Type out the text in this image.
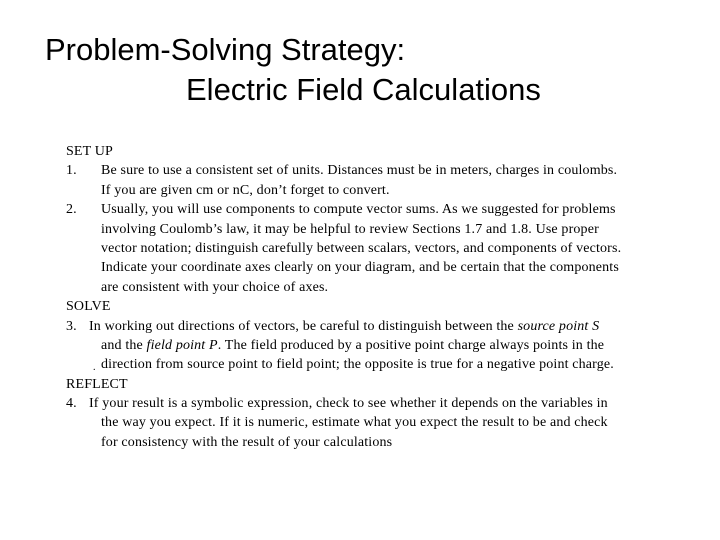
Problem-Solving Strategy:
Electric Field Calculations
SET UP
1. Be sure to use a consistent set of units. Distances must be in meters, charges in coulombs.
If you are given cm or nC, don’t forget to convert.
2. Usually, you will use components to compute vector sums. As we suggested for problems
involving Coulomb’s law, it may be helpful to review Sections 1.7 and 1.8. Use proper
vector notation; distinguish carefully between scalars, vectors, and components of vectors.
Indicate your coordinate axes clearly on your diagram, and be certain that the components
are consistent with your choice of axes.
SOLVE
3. In working out directions of vectors, be careful to distinguish between the source point S
and the field point P. The field produced by a positive point charge always points in the
. direction from source point to field point; the opposite is true for a negative point charge.
REFLECT
4. If your result is a symbolic expression, check to see whether it depends on the variables in
the way you expect. If it is numeric, estimate what you expect the result to be and check
for consistency with the result of your calculations
